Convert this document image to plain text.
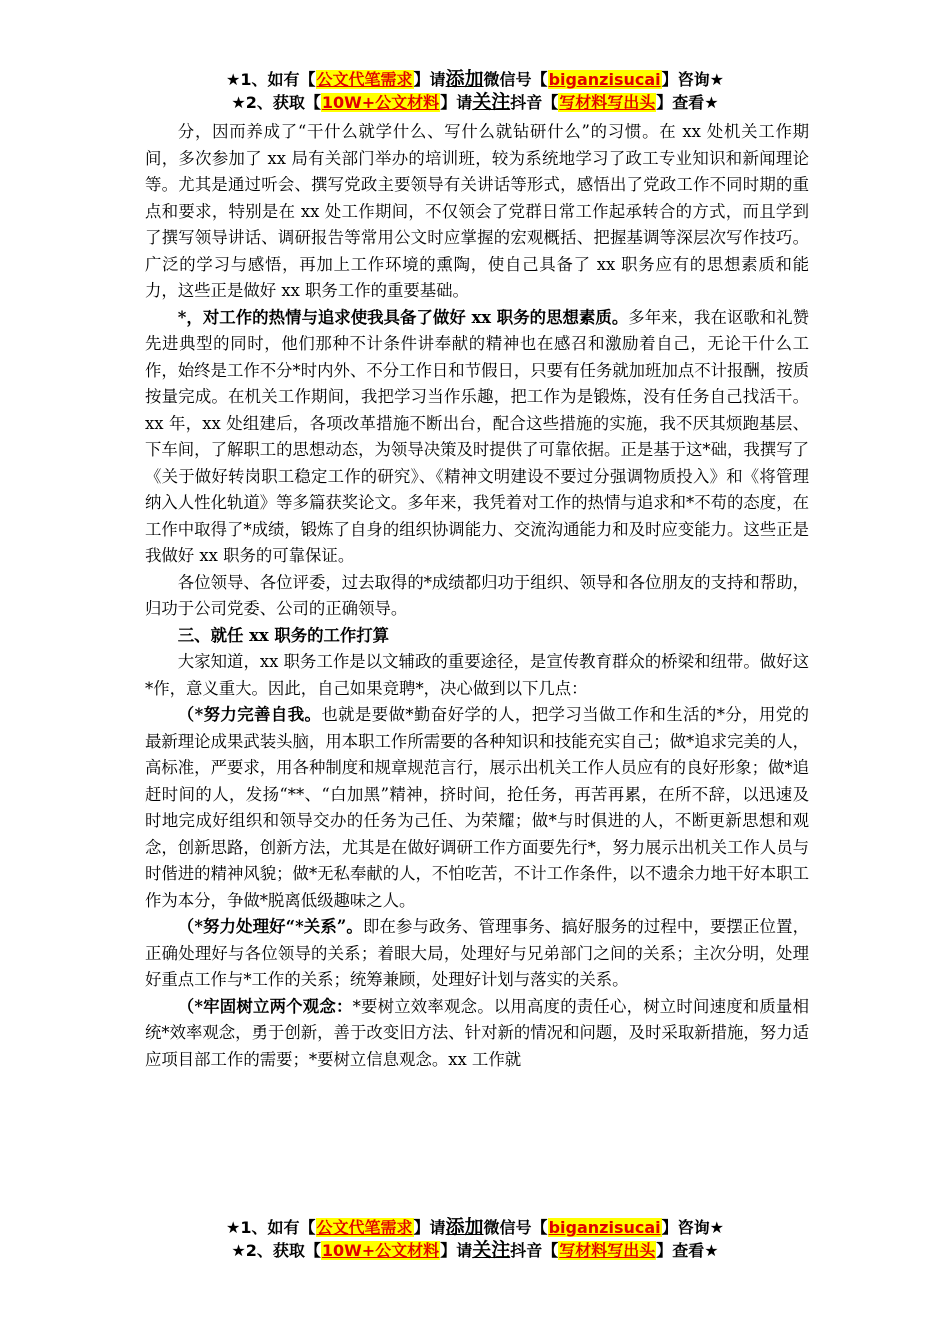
★1、如有【公文代笔需求】请添加微信号【biganzisucai】咨询★
★2、获取【10W+公文材料】请关注抖音【写材料写出头】查看★

分，因而养成了“干什么就学什么、写什么就钻研什么”的习惯。在 xx 处机关工作期间，多次参加了 xx 局有关部门举办的培训班，较为系统地学习了政工专业知识和新闻理论等。尤其是通过听会、撰写党政主要领导有关讲话等形式，感悟出了党政工作不同时期的重点和要求，特别是在 xx 处工作期间，不仅领会了党群日常工作起承转合的方式，而且学到了撰写领导讲话、调研报告等常用公文时应掌握的宏观概括、把握基调等深层次写作技巧。广泛的学习与感悟，再加上工作环境的熏陶，使自己具备了 xx 职务应有的思想素质和能力，这些正是做好 xx 职务工作的重要基础。

*，对工作的热情与追求使我具备了做好 xx 职务的思想素质。多年来，我在讴歌和礼赞先进典型的同时，他们那种不计条件讲奉献的精神也在感召和激励着自己，无论干什么工作，始终是工作不分*时内外、不分工作日和节假日，只要有任务就加班加点不计报酬，按质按量完成。在机关工作期间，我把学习当作乐趣，把工作为是锻炼，没有任务自己找活干。xx 年，xx 处组建后，各项改革措施不断出台，配合这些措施的实施，我不厌其烦跑基层、下车间，了解职工的思想动态，为领导决策及时提供了可靠依据。正是基于这*础，我撰写了《关于做好转岗职工稳定工作的研究》、《精神文明建设不要过分强调物质投入》和《将管理纳入人性化轨道》等多篇获奖论文。多年来，我凭着对工作的热情与追求和*不苟的态度，在工作中取得了*成绩，锻炼了自身的组织协调能力、交流沟通能力和及时应变能力。这些正是我做好 xx 职务的可靠保证。

各位领导、各位评委，过去取得的*成绩都归功于组织、领导和各位朋友的支持和帮助，归功于公司党委、公司的正确领导。

三、就任 xx 职务的工作打算

大家知道，xx 职务工作是以文辅政的重要途径，是宣传教育群众的桥梁和纽带。做好这*作，意义重大。因此，自己如果竞聘*，决心做到以下几点：

（*努力完善自我。也就是要做*勤奋好学的人，把学习当做工作和生活的*分，用党的最新理论成果武装头脑，用本职工作所需要的各种知识和技能充实自己；做*追求完美的人，高标准，严要求，用各种制度和规章规范言行，展示出机关工作人员应有的良好形象；做*追赶时间的人，发扬“**、“白加黑”精神，挤时间，抢任务，再苦再累，在所不辞，以迅速及时地完成好组织和领导交办的任务为己任、为荣耀；做*与时俱进的人，不断更新思想和观念，创新思路，创新方法，尤其是在做好调研工作方面要先行*，努力展示出机关工作人员与时偕进的精神风貌；做*无私奉献的人，不怕吃苦，不计工作条件，以不遗余力地干好本职工作为本分，争做*脱离低级趣味之人。

（*努力处理好“*关系”。即在参与政务、管理事务、搞好服务的过程中，要摆正位置，正确处理好与各位领导的关系；着眼大局，处理好与兄弟部门之间的关系；主次分明，处理好重点工作与*工作的关系；统筹兼顾，处理好计划与落实的关系。

（*牢固树立两个观念：*要树立效率观念。以用高度的责任心，树立时间速度和质量相统*效率观念，勇于创新，善于改变旧方法、针对新的情况和问题，及时采取新措施，努力适应项目部工作的需要；*要树立信息观念。xx 工作就

★1、如有【公文代笔需求】请添加微信号【biganzisucai】咨询★
★2、获取【10W+公文材料】请关注抖音【写材料写出头】查看★
